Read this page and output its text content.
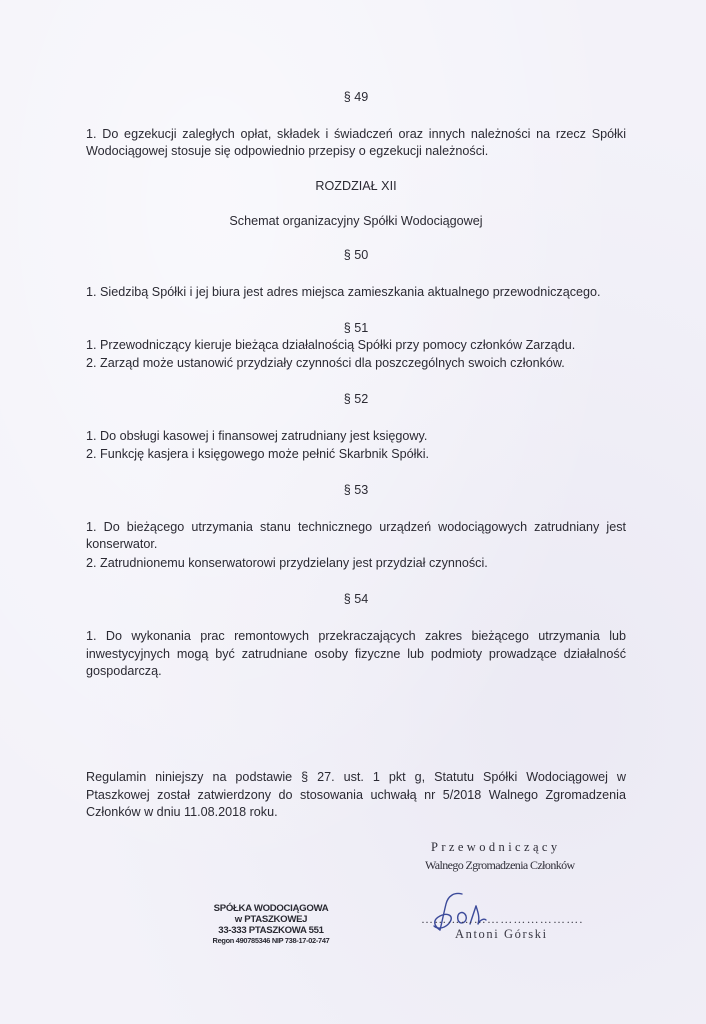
§ 49
1. Do egzekucji zaległych opłat, składek i świadczeń oraz innych należności na rzecz Spółki
Wodociągowej stosuje się odpowiednio przepisy o egzekucji należności.
ROZDZIAŁ XII
Schemat organizacyjny Spółki Wodociągowej
§ 50
1. Siedzibą Spółki i jej biura jest adres miejsca zamieszkania aktualnego przewodniczącego.
§ 51
1. Przewodniczący kieruje bieżąca działalnością Spółki przy pomocy członków Zarządu.
2. Zarząd może ustanowić przydziały czynności dla poszczególnych swoich członków.
§ 52
1. Do obsługi kasowej i finansowej zatrudniany jest księgowy.
2. Funkcję kasjera i księgowego może pełnić Skarbnik Spółki.
§ 53
1. Do bieżącego utrzymania stanu technicznego urządzeń wodociągowych zatrudniany jest
konserwator.
2. Zatrudnionemu konserwatorowi przydzielany jest przydział czynności.
§ 54
1. Do wykonania prac remontowych przekraczających zakres bieżącego utrzymania lub
inwestycyjnych mogą być zatrudniane osoby fizyczne lub podmioty prowadzące działalność
gospodarczą.
Regulamin niniejszy na podstawie § 27. ust. 1 pkt g, Statutu Spółki Wodociągowej w
Ptaszkowej został zatwierdzony do stosowania uchwałą nr 5/2018 Walnego Zgromadzenia
Członków w dniu 11.08.2018 roku.
Przewodniczący
Walnego Zgromadzenia Członków
……………………………….
Antoni Górski
SPÓŁKA WODOCIĄGOWA
w PTASZKOWEJ
33-333 PTASZKOWA 551
Regon 490785346 NIP 738-17-02-747
